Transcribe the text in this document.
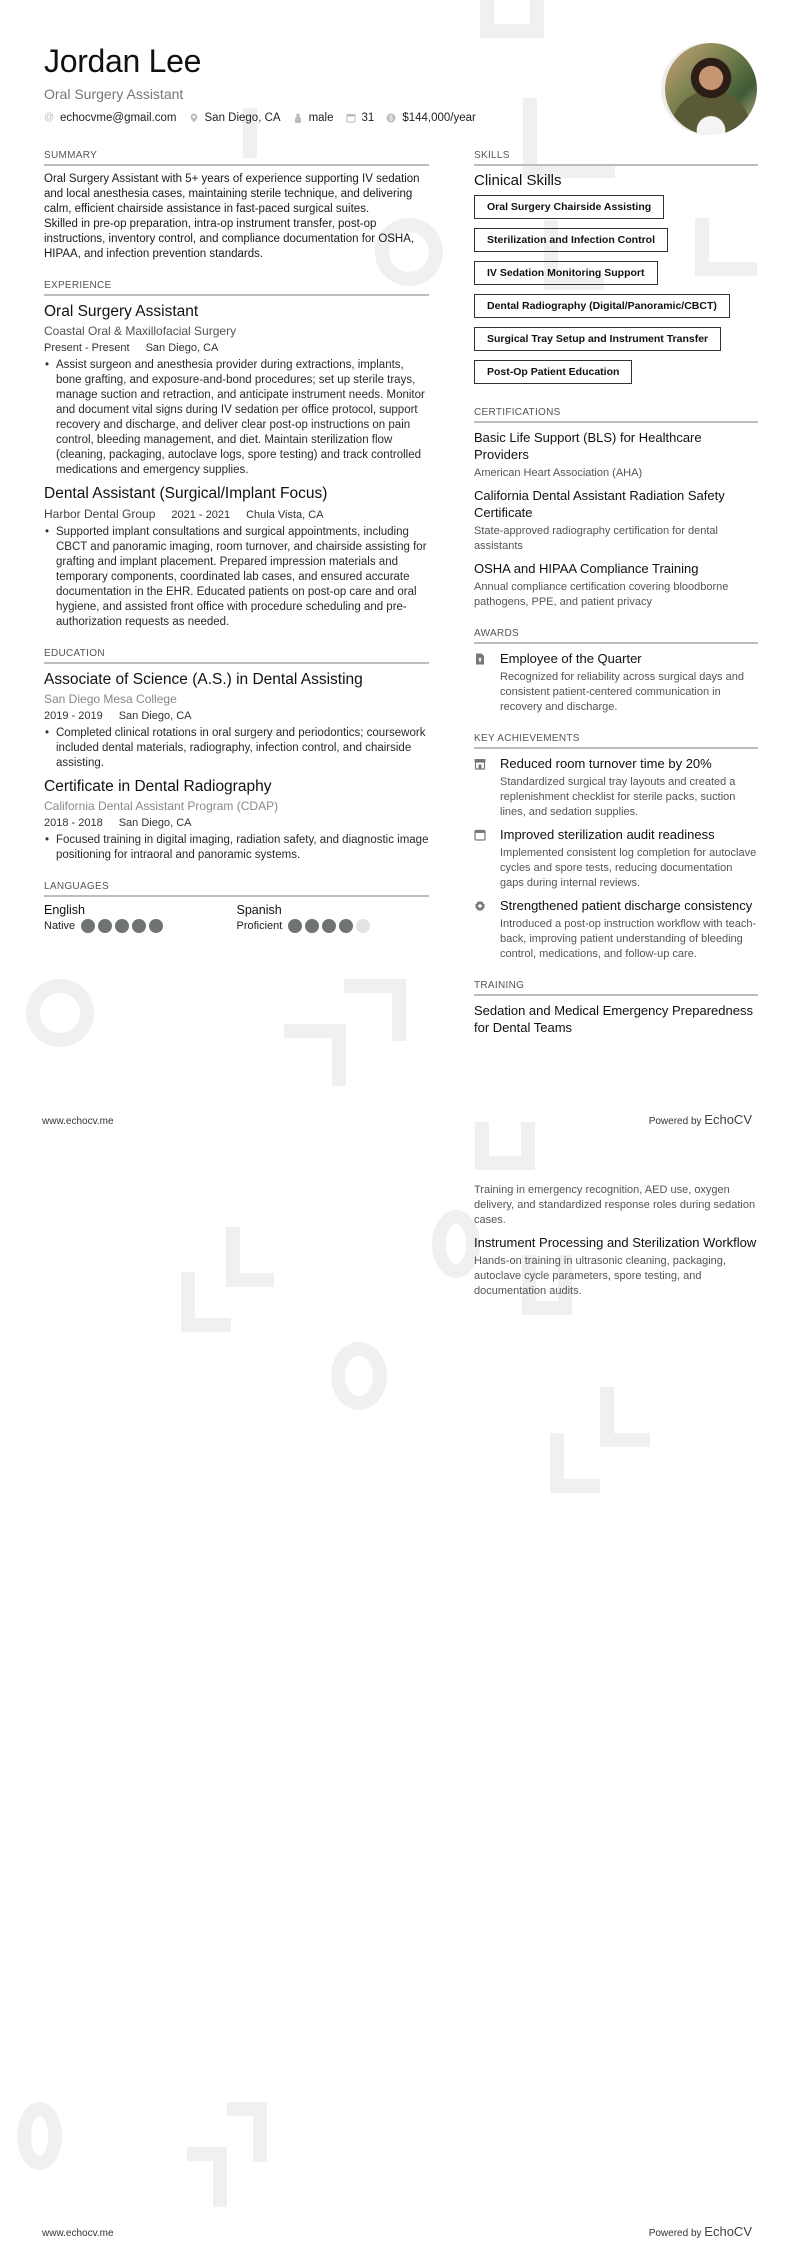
Jordan Lee
Oral Surgery Assistant
@ echocvme@gmail.com San Diego, CA male 31 $ $144,000/year
SUMMARY

Oral Surgery Assistant with 5+ years of experience supporting IV sedation and local anesthesia cases, maintaining sterile technique, and delivering calm, efficient chairside assistance in fast-paced surgical suites.

Skilled in pre-op preparation, intra-op instrument transfer, post-op instructions, inventory control, and compliance documentation for OSHA, HIPAA, and infection prevention standards.

EXPERIENCE
Oral Surgery Assistant
Coastal Oral & Maxillofacial Surgery
Present - Present San Diego, CA
• Assist surgeon and anesthesia provider during extractions, implants, bone grafting, and exposure-and-bond procedures; set up sterile trays, manage suction and retraction, and anticipate instrument needs. Monitor and document vital signs during IV sedation per office protocol, support recovery and discharge, and deliver clear post-op instructions on pain control, bleeding management, and diet. Maintain sterilization flow (cleaning, packaging, autoclave logs, spore testing) and track controlled medications and emergency supplies.
Dental Assistant (Surgical/Implant Focus)
Harbor Dental Group 2021 - 2021 Chula Vista, CA
• Supported implant consultations and surgical appointments, including CBCT and panoramic imaging, room turnover, and chairside assisting for grafting and implant placement. Prepared impression materials and temporary components, coordinated lab cases, and ensured accurate documentation in the EHR. Educated patients on post-op care and oral hygiene, and assisted front office with procedure scheduling and pre-authorization requests as needed.
EDUCATION
Associate of Science (A.S.) in Dental Assisting
San Diego Mesa College
2019 - 2019 San Diego, CA
• Completed clinical rotations in oral surgery and periodontics; coursework included dental materials, radiography, infection control, and chairside assisting.
Certificate in Dental Radiography
California Dental Assistant Program (CDAP)
2018 - 2018 San Diego, CA
• Focused training in digital imaging, radiation safety, and diagnostic image positioning for intraoral and panoramic systems.
LANGUAGES
English
Native
Spanish
Proficient
SKILLS
Clinical Skills
Oral Surgery Chairside Assisting
Sterilization and Infection Control
IV Sedation Monitoring Support
Dental Radiography (Digital/Panoramic/CBCT)
Surgical Tray Setup and Instrument Transfer
Post-Op Patient Education
CERTIFICATIONS
Basic Life Support (BLS) for Healthcare Providers
American Heart Association (AHA)
California Dental Assistant Radiation Safety Certificate
State-approved radiography certification for dental assistants
OSHA and HIPAA Compliance Training
Annual compliance certification covering bloodborne pathogens, PPE, and patient privacy
AWARDS
Employee of the Quarter
Recognized for reliability across surgical days and consistent patient-centered communication in recovery and discharge.
KEY ACHIEVEMENTS
Reduced room turnover time by 20%
Standardized surgical tray layouts and created a replenishment checklist for sterile packs, suction lines, and sedation supplies.
Improved sterilization audit readiness
Implemented consistent log completion for autoclave cycles and spore tests, reducing documentation gaps during internal reviews.
Strengthened patient discharge consistency
Introduced a post-op instruction workflow with teach-back, improving patient understanding of bleeding control, medications, and follow-up care.
TRAINING
Sedation and Medical Emergency Preparedness for Dental Teams
www.echocv.me	Powered by EchoCV
Training in emergency recognition, AED use, oxygen delivery, and standardized response roles during sedation cases.
Instrument Processing and Sterilization Workflow
Hands-on training in ultrasonic cleaning, packaging, autoclave cycle parameters, spore testing, and documentation audits.
www.echocv.me	Powered by EchoCV
